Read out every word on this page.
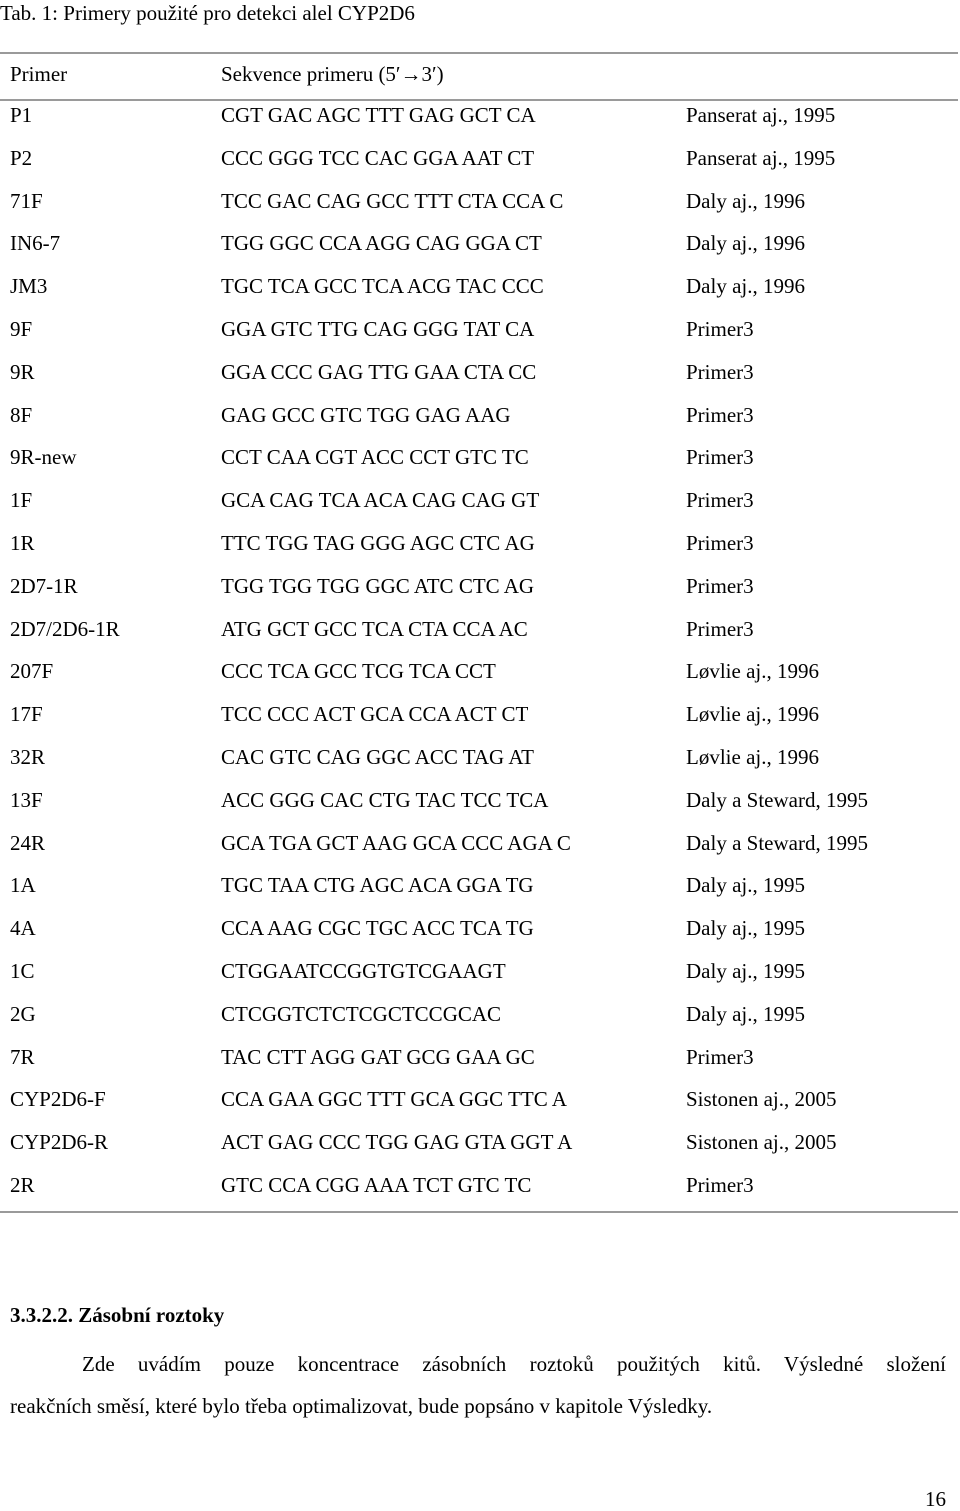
Tab. 1: Primery použité pro detekci alel CYP2D6
Primer	Sekvence primeru (5′→3′)
P1	CGT GAC AGC TTT GAG GCT CA	Panserat aj., 1995
P2	CCC GGG TCC CAC GGA AAT CT	Panserat aj., 1995
71F	TCC GAC CAG GCC TTT CTA CCA C	Daly aj., 1996
IN6-7	TGG GGC CCA AGG CAG GGA CT	Daly aj., 1996
JM3	TGC TCA GCC TCA ACG TAC CCC	Daly aj., 1996
9F	GGA GTC TTG CAG GGG TAT CA	Primer3
9R	GGA CCC GAG TTG GAA CTA CC	Primer3
8F	GAG GCC GTC TGG GAG AAG	Primer3
9R-new	CCT CAA CGT ACC CCT GTC TC	Primer3
1F	GCA CAG TCA ACA CAG CAG GT	Primer3
1R	TTC TGG TAG GGG AGC CTC AG	Primer3
2D7-1R	TGG TGG TGG GGC ATC CTC AG	Primer3
2D7/2D6-1R	ATG GCT GCC TCA CTA CCA AC	Primer3
207F	CCC TCA GCC TCG TCA CCT	Løvlie aj., 1996
17F	TCC CCC ACT GCA CCA ACT CT	Løvlie aj., 1996
32R	CAC GTC CAG GGC ACC TAG AT	Løvlie aj., 1996
13F	ACC GGG CAC CTG TAC TCC TCA	Daly a Steward, 1995
24R	GCA TGA GCT AAG GCA CCC AGA C	Daly a Steward, 1995
1A	TGC TAA CTG AGC ACA GGA TG	Daly aj., 1995
4A	CCA AAG CGC TGC ACC TCA TG	Daly aj., 1995
1C	CTGGAATCCGGTGTCGAAGT	Daly aj., 1995
2G	CTCGGTCTCTCGCTCCGCAC	Daly aj., 1995
7R	TAC CTT AGG GAT GCG GAA GC	Primer3
CYP2D6-F	CCA GAA GGC TTT GCA GGC TTC A	Sistonen aj., 2005
CYP2D6-R	ACT GAG CCC TGG GAG GTA GGT A	Sistonen aj., 2005
2R	GTC CCA CGG AAA TCT GTC TC	Primer3
3.3.2.2. Zásobní roztoky
Zde uvádím pouze koncentrace zásobních roztoků použitých kitů. Výsledné složení
reakčních směsí, které bylo třeba optimalizovat, bude popsáno v kapitole Výsledky.
16
